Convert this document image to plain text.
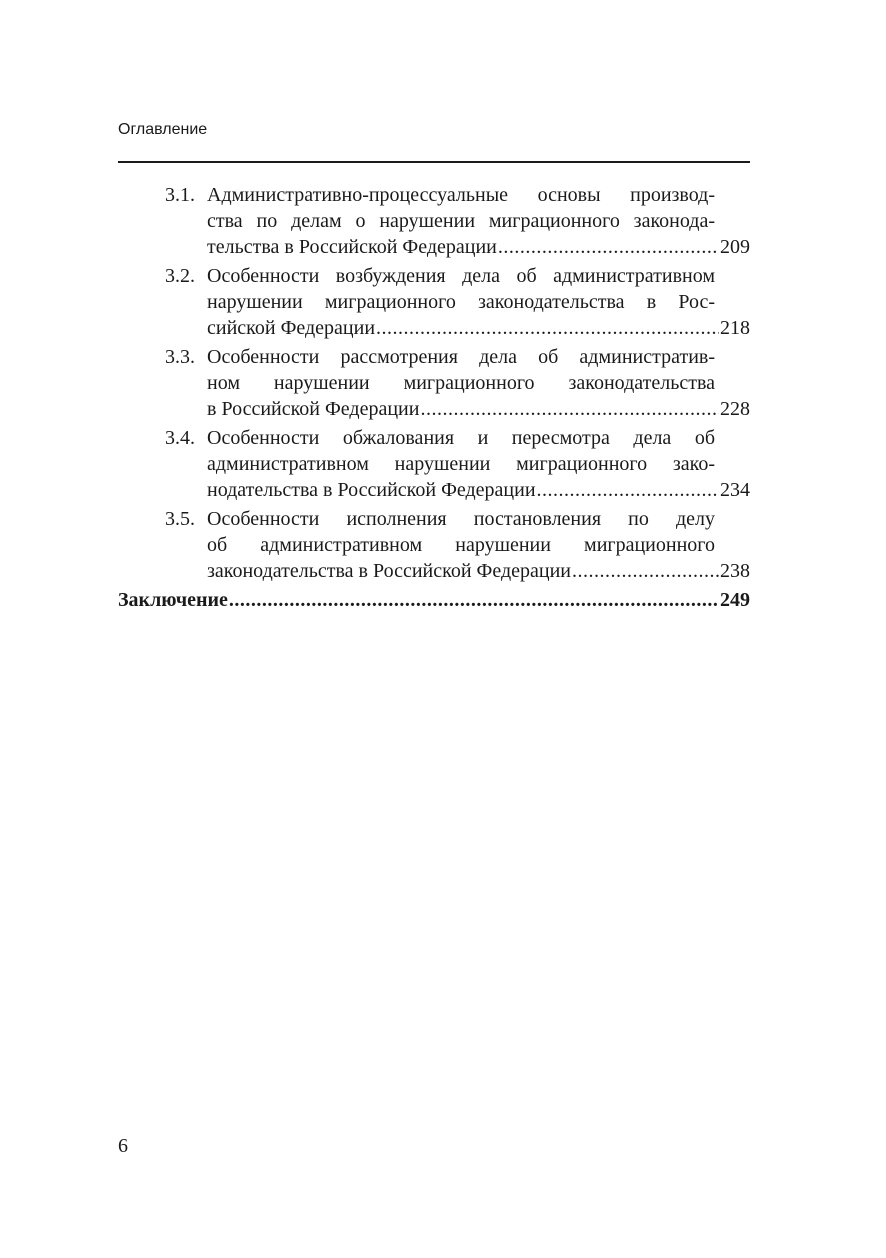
Оглавление
3.1. Административно-процессуальные основы производ-
ства по делам о нарушении миграционного законода-
тельства в Российской Федерации .....	209
3.2. Особенности возбуждения дела об административном
нарушении миграционного законодательства в Рос-
сийской Федерации .....	218
3.3. Особенности рассмотрения дела об административ-
ном нарушении миграционного законодательства
в Российской Федерации .....	228
3.4. Особенности обжалования и пересмотра дела об
административном нарушении миграционного зако-
нодательства в Российской Федерации .....	234
3.5. Особенности исполнения постановления по делу
об административном нарушении миграционного
законодательства в Российской Федерации .....	238
Заключение .....	249
6
